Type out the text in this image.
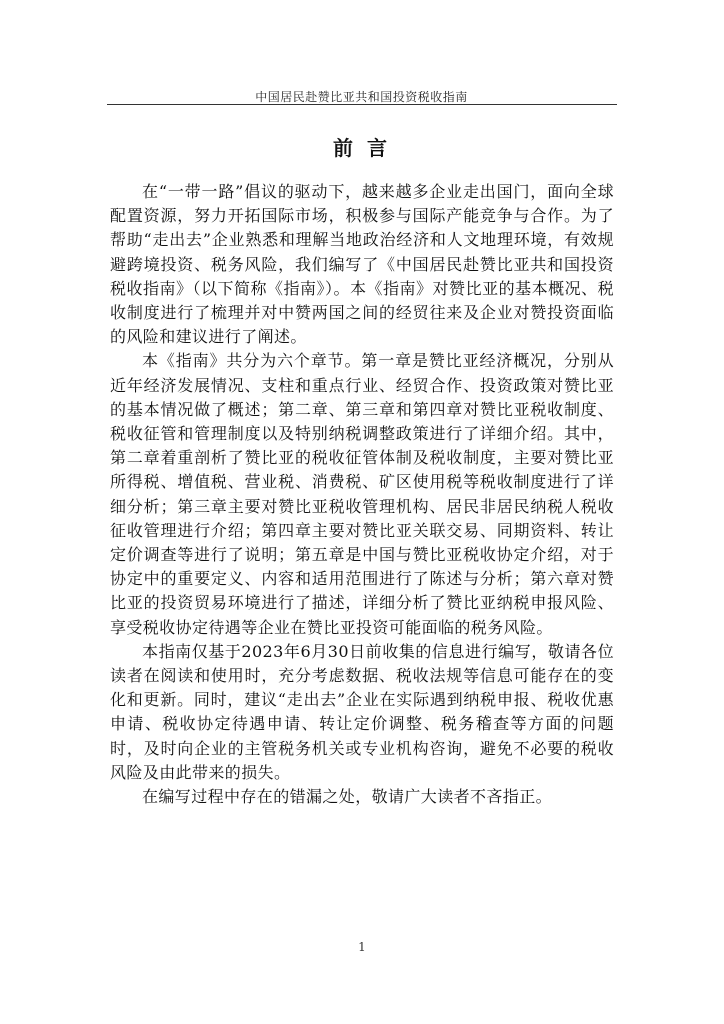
中国居民赴赞比亚共和国投资税收指南
前言

在“一带一路”倡议的驱动下，越来越多企业走出国门，面向全球配置资源，努力开拓国际市场，积极参与国际产能竞争与合作。为了帮助“走出去”企业熟悉和理解当地政治经济和人文地理环境，有效规避跨境投资、税务风险，我们编写了《中国居民赴赞比亚共和国投资税收指南》（以下简称《指南》）。本《指南》对赞比亚的基本概况、税收制度进行了梳理并对中赞两国之间的经贸往来及企业对赞投资面临的风险和建议进行了阐述。

本《指南》共分为六个章节。第一章是赞比亚经济概况，分别从近年经济发展情况、支柱和重点行业、经贸合作、投资政策对赞比亚的基本情况做了概述；第二章、第三章和第四章对赞比亚税收制度、税收征管和管理制度以及特别纳税调整政策进行了详细介绍。其中，第二章着重剖析了赞比亚的税收征管体制及税收制度，主要对赞比亚所得税、增值税、营业税、消费税、矿区使用税等税收制度进行了详细分析；第三章主要对赞比亚税收管理机构、居民非居民纳税人税收征收管理进行介绍；第四章主要对赞比亚关联交易、同期资料、转让定价调查等进行了说明；第五章是中国与赞比亚税收协定介绍，对于协定中的重要定义、内容和适用范围进行了陈述与分析；第六章对赞比亚的投资贸易环境进行了描述，详细分析了赞比亚纳税申报风险、享受税收协定待遇等企业在赞比亚投资可能面临的税务风险。

本指南仅基于2023年6月30日前收集的信息进行编写，敬请各位读者在阅读和使用时，充分考虑数据、税收法规等信息可能存在的变化和更新。同时，建议“走出去”企业在实际遇到纳税申报、税收优惠申请、税收协定待遇申请、转让定价调整、税务稽查等方面的问题时，及时向企业的主管税务机关或专业机构咨询，避免不必要的税收风险及由此带来的损失。

在编写过程中存在的错漏之处，敬请广大读者不吝指正。

1
